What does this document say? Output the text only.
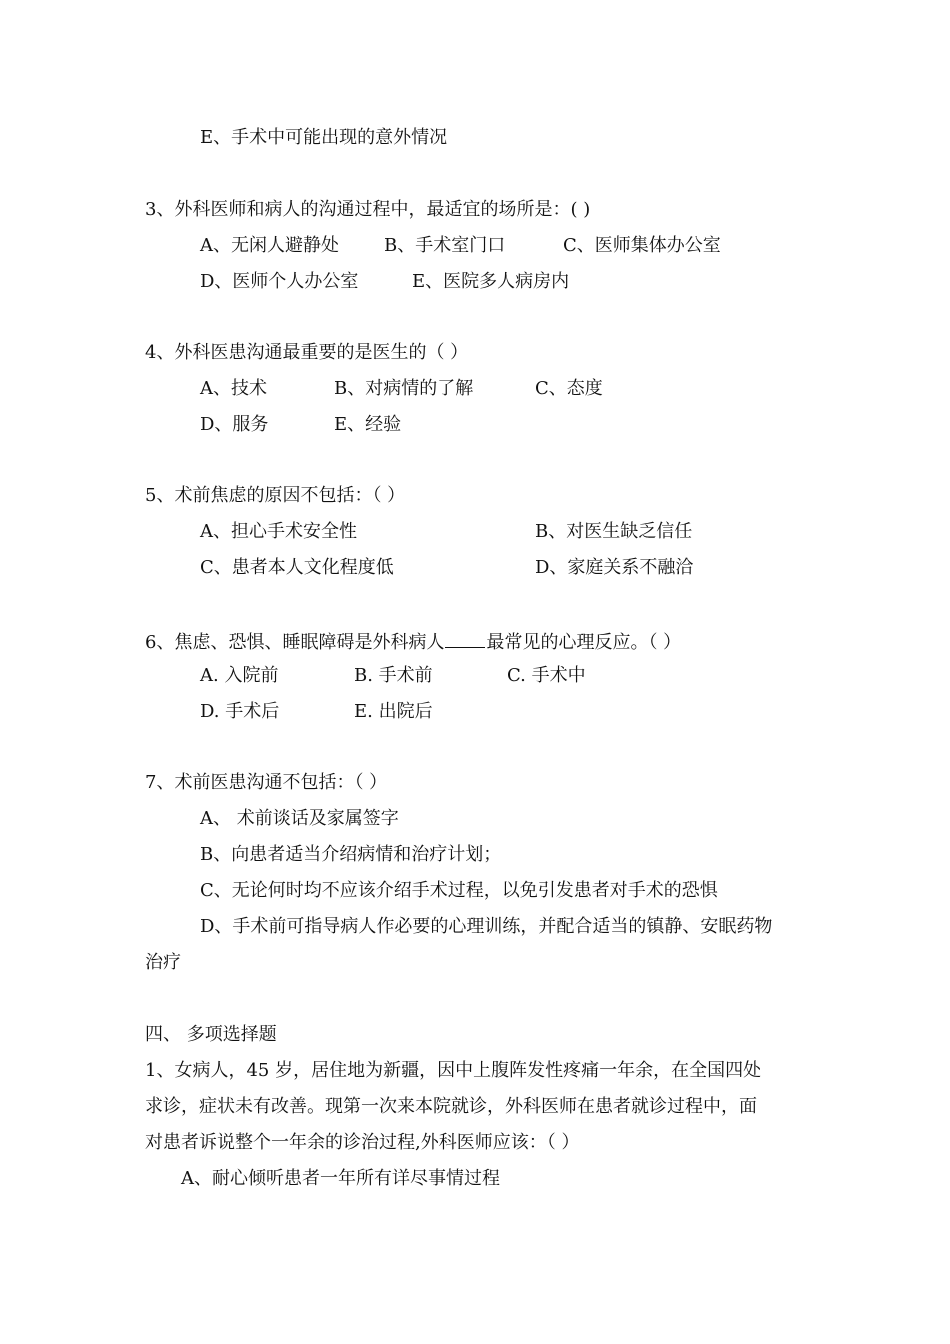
E、手术中可能出现的意外情况
3、外科医师和病人的沟通过程中，最适宜的场所是：( )
A、无闲人避静处	B、手术室门口	C、医师集体办公室
D、医师个人办公室	E、医院多人病房内
4、外科医患沟通最重要的是医生的（ ）
A、技术	B、对病情的了解	C、态度
D、服务	E、经验
5、术前焦虑的原因不包括：（ ）
A、担心手术安全性	B、对医生缺乏信任
C、患者本人文化程度低	D、家庭关系不融洽
6、焦虑、恐惧、睡眠障碍是外科病人 最常见的心理反应。（ ）
A. 入院前	B. 手术前	C. 手术中
D. 手术后	E. 出院后
7、术前医患沟通不包括：（ ）
A、 术前谈话及家属签字
B、向患者适当介绍病情和治疗计划；
C、无论何时均不应该介绍手术过程，以免引发患者对手术的恐惧
D、手术前可指导病人作必要的心理训练，并配合适当的镇静、安眠药物
治疗
四、 多项选择题
1、女病人，45 岁，居住地为新疆，因中上腹阵发性疼痛一年余，在全国四处
求诊，症状未有改善。现第一次来本院就诊，外科医师在患者就诊过程中，面
对患者诉说整个一年余的诊治过程,外科医师应该：（ ）
A、耐心倾听患者一年所有详尽事情过程
